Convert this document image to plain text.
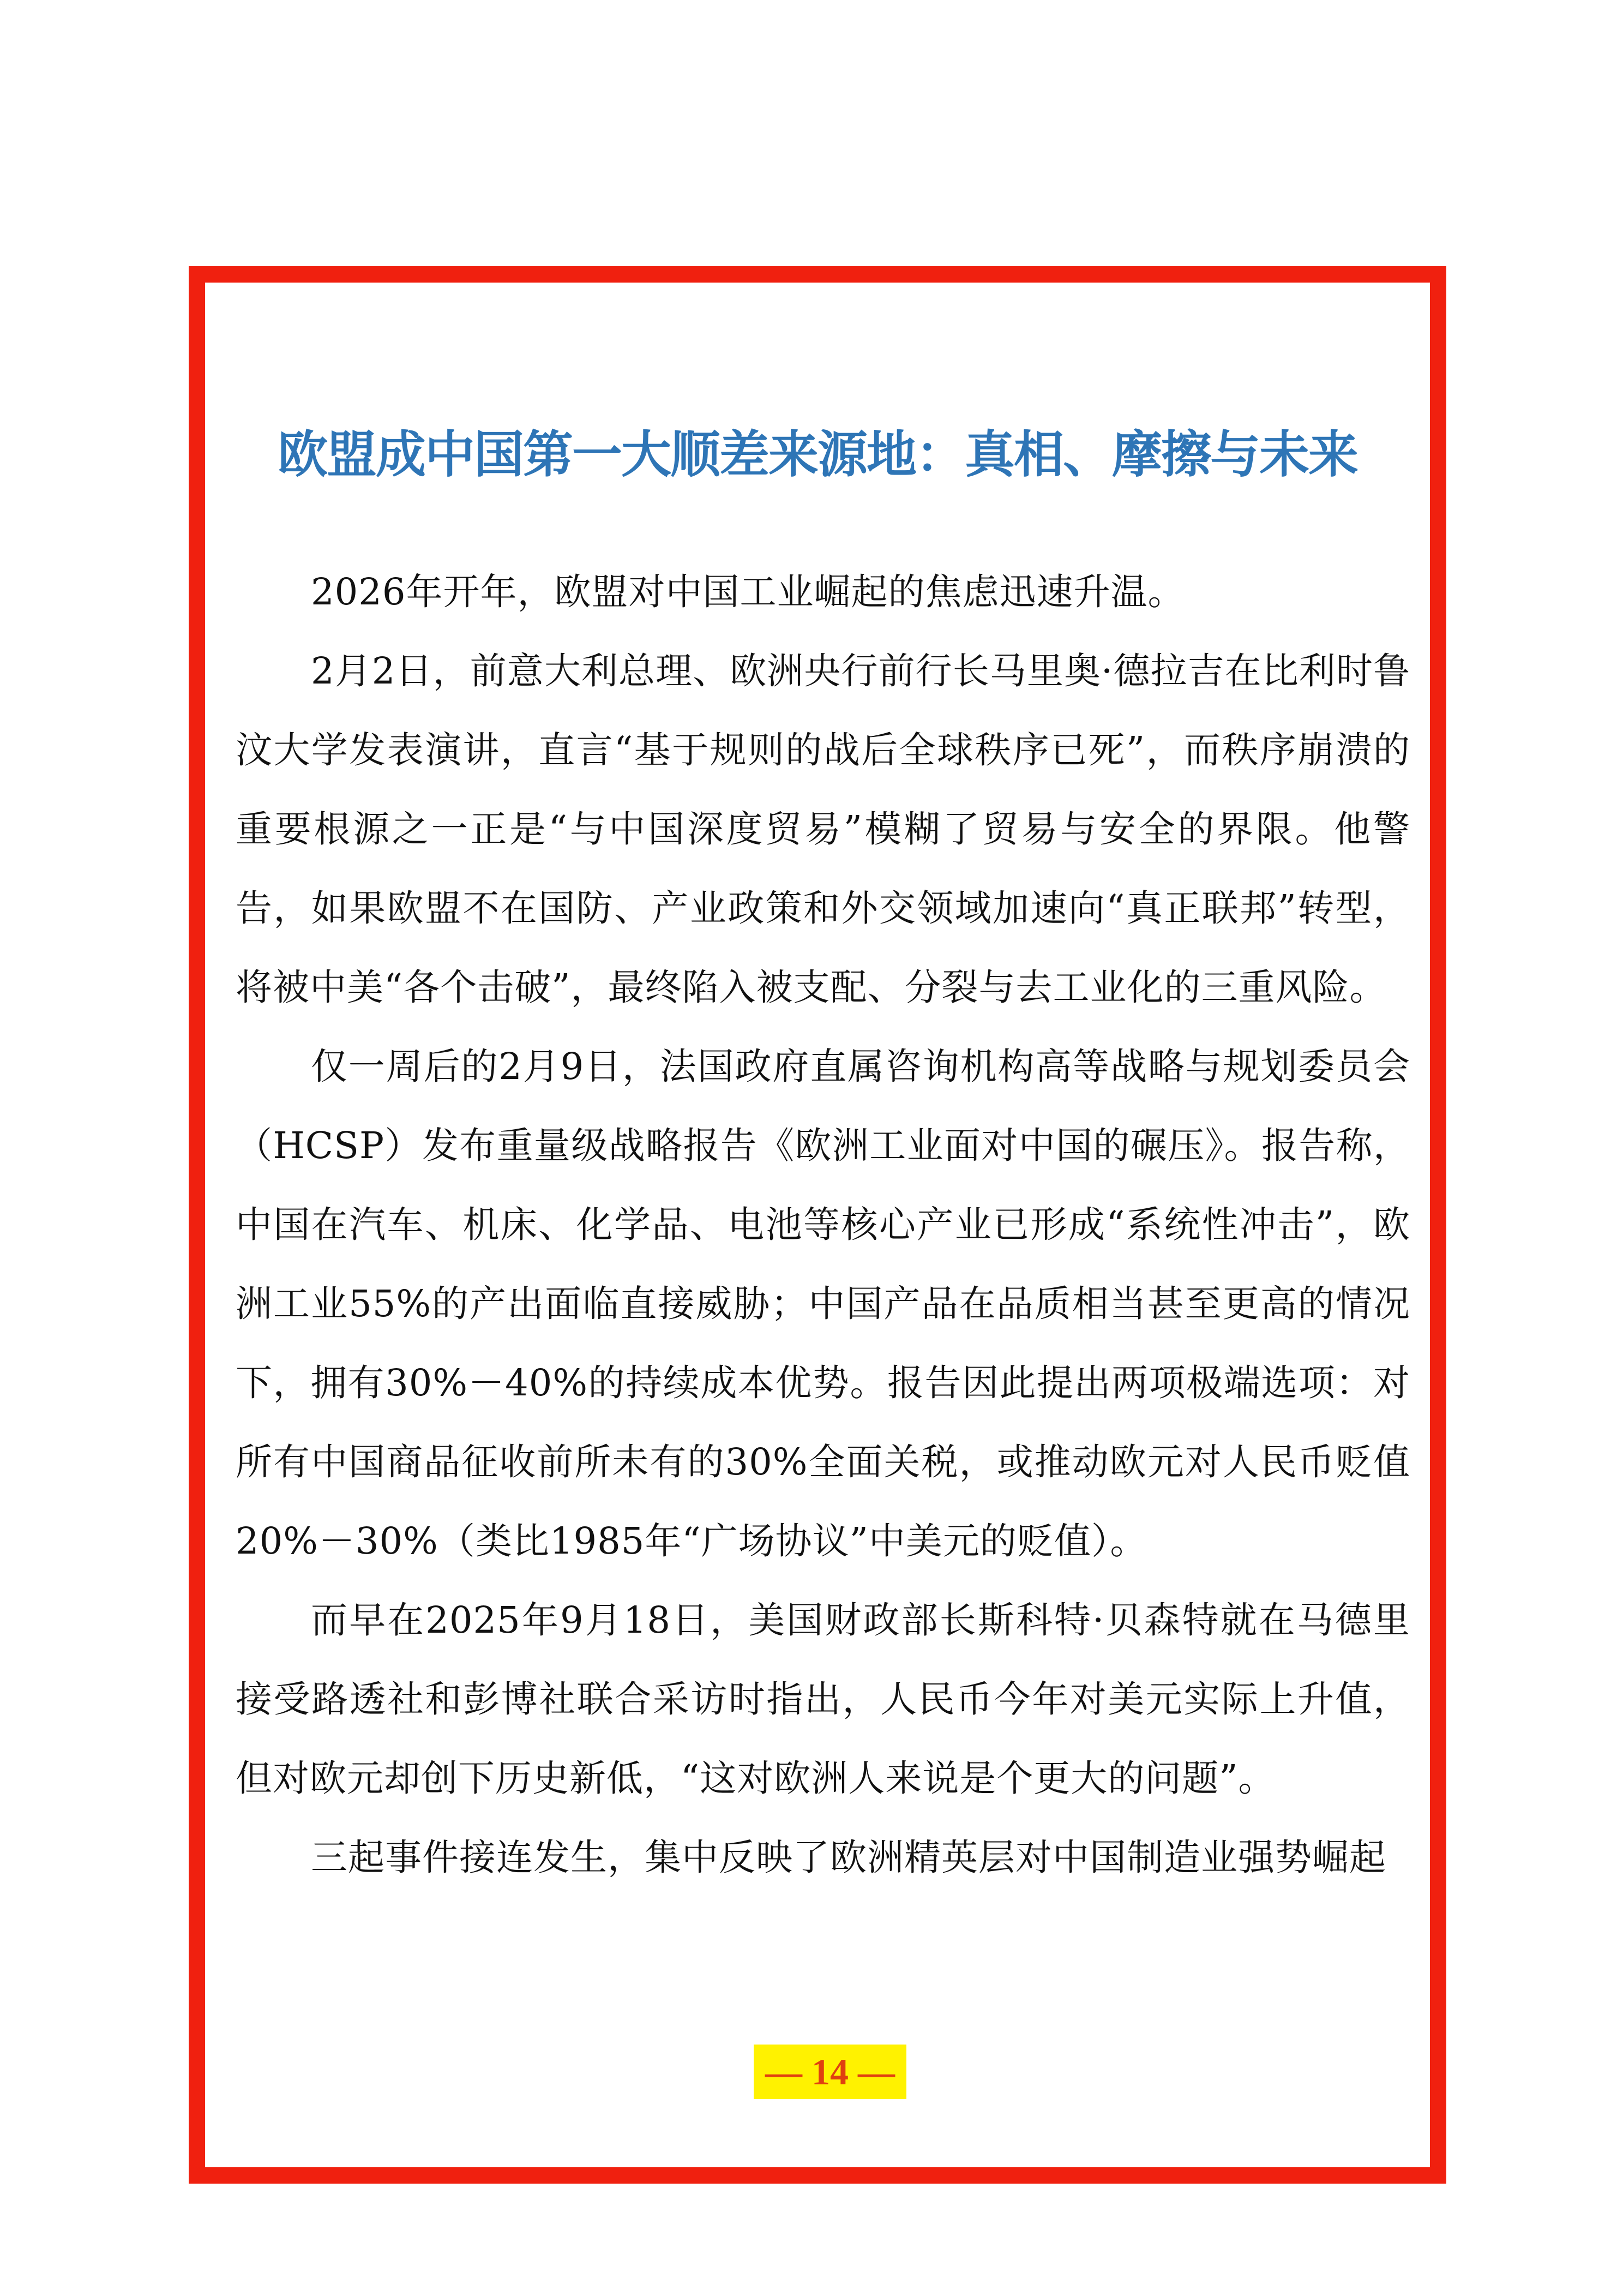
欧盟成中国第一大顺差来源地：真相、摩擦与未来

2026年开年，欧盟对中国工业崛起的焦虑迅速升温。

2月2日，前意大利总理、欧洲央行前行长马里奥·德拉吉在比利时鲁汶大学发表演讲，直言“基于规则的战后全球秩序已死”，而秩序崩溃的重要根源之一正是“与中国深度贸易”模糊了贸易与安全的界限。他警告，如果欧盟不在国防、产业政策和外交领域加速向“真正联邦”转型，将被中美“各个击破”，最终陷入被支配、分裂与去工业化的三重风险。

仅一周后的2月9日，法国政府直属咨询机构高等战略与规划委员会（HCSP）发布重量级战略报告《欧洲工业面对中国的碾压》。报告称，中国在汽车、机床、化学品、电池等核心产业已形成“系统性冲击”，欧洲工业55%的产出面临直接威胁；中国产品在品质相当甚至更高的情况下，拥有30%－40%的持续成本优势。报告因此提出两项极端选项：对所有中国商品征收前所未有的30%全面关税，或推动欧元对人民币贬值20%－30%（类比1985年“广场协议”中美元的贬值）。

而早在2025年9月18日，美国财政部长斯科特·贝森特就在马德里接受路透社和彭博社联合采访时指出，人民币今年对美元实际上升值，但对欧元却创下历史新低，“这对欧洲人来说是个更大的问题”。

三起事件接连发生，集中反映了欧洲精英层对中国制造业强势崛起

— 14 —
